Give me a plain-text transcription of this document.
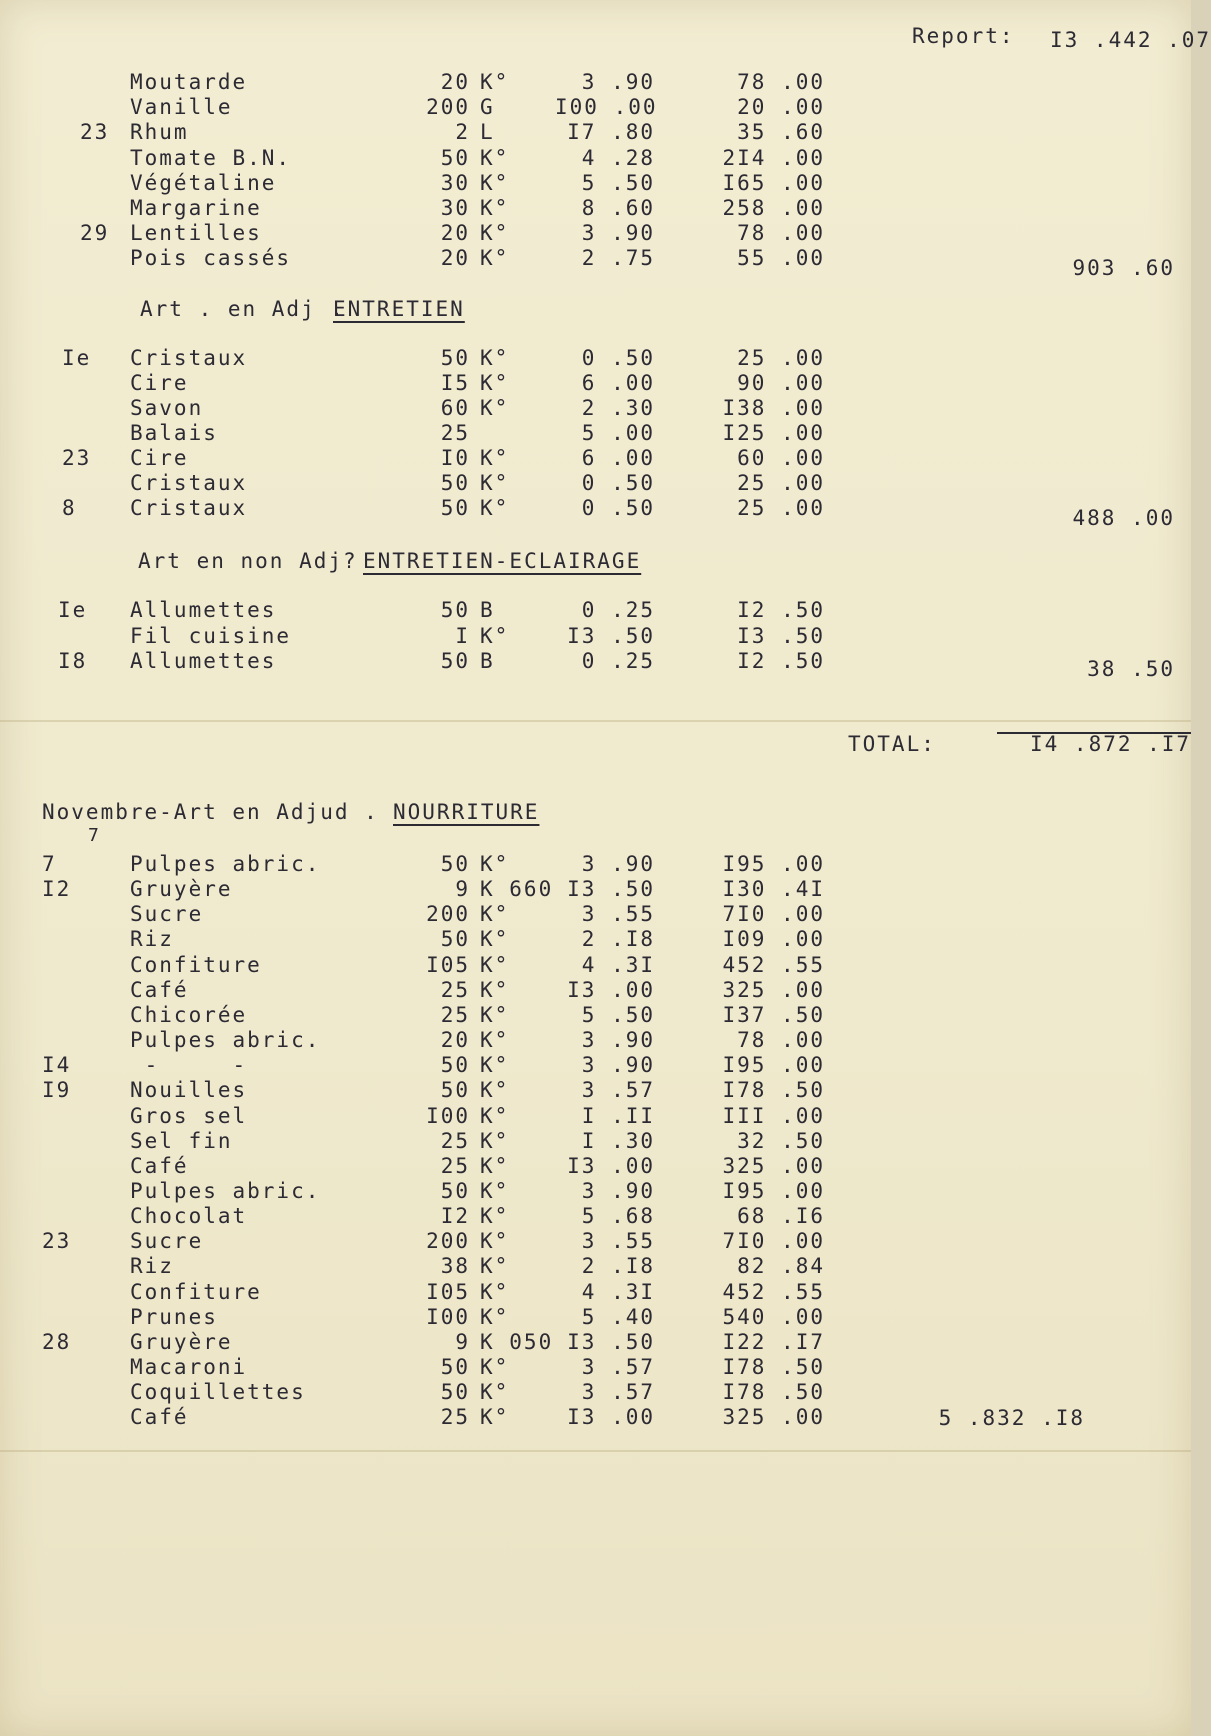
Report: I3 .442 .07
Moutarde	20 K°	3 .90	78 .00
Vanille	200 G	I00 .00	20 .00
23 Rhum	2 L	I7 .80	35 .60
Tomate B.N.	50 K°	4 .28	2I4 .00
Végétaline	30 K°	5 .50	I65 .00
Margarine	30 K°	8 .60	258 .00
29 Lentilles	20 K°	3 .90	78 .00
Pois cassés	20 K°	2 .75	55 .00	903 .60
Art . en Adj .
ENTRETIEN
Ie Cristaux	50 K°	0 .50	25 .00
Cire	I5 K°	6 .00	90 .00
Savon	60 K°	2 .30	I38 .00
Balais	25	5 .00	I25 .00
23 Cire	I0 K°	6 .00	60 .00
Cristaux	50 K°	0 .50	25 .00
8	Cristaux	50 K°	0 .50	25 .00	488 .00
Art en non Adj? ENTRETIEN-ECLAIRAGE
Ie Allumettes	50 B	0 .25	I2 .50
Fil cuisine	I K°	I3 .50	I3 .50
I8 Allumettes	50 B	0 .25	I2 .50	38 .50
TOTAL:	I4 .872 .I7
Novembre-Art en Adjud . NOURRITURE
7
7	Pulpes abric.	50 K°	3 .90	I95 .00
I2	Gruyère	9 K 660 I3 .50	I30 .4I
Sucre	200 K°	3 .55	7I0 .00
Riz	50 K°	2 .I8	I09 .00
Confiture	I05 K°	4 .3I	452 .55
Café	25 K°	I3 .00	325 .00
Chicorée	25 K°	5 .50	I37 .50
Pulpes abric.	20 K°	3 .90	78 .00
I4	-     -	50 K°	3 .90	I95 .00
I9	Nouilles	50 K°	3 .57	I78 .50
Gros sel	I00 K°	I .II	III .00
Sel fin	25 K°	I .30	32 .50
Café	25 K°	I3 .00	325 .00
Pulpes abric.	50 K°	3 .90	I95 .00
Chocolat	I2 K°	5 .68	68 .I6
23	Sucre	200 K°	3 .55	7I0 .00
Riz	38 K°	2 .I8	82 .84
Confiture	I05 K°	4 .3I	452 .55
Prunes	I00 K°	5 .40	540 .00
28	Gruyère	9 K 050 I3 .50	I22 .I7
Macaroni	50 K°	3 .57	I78 .50
Coquillettes	50 K°	3 .57	I78 .50
Café	25 K°	I3 .00	325 .00	5 .832 .I8
